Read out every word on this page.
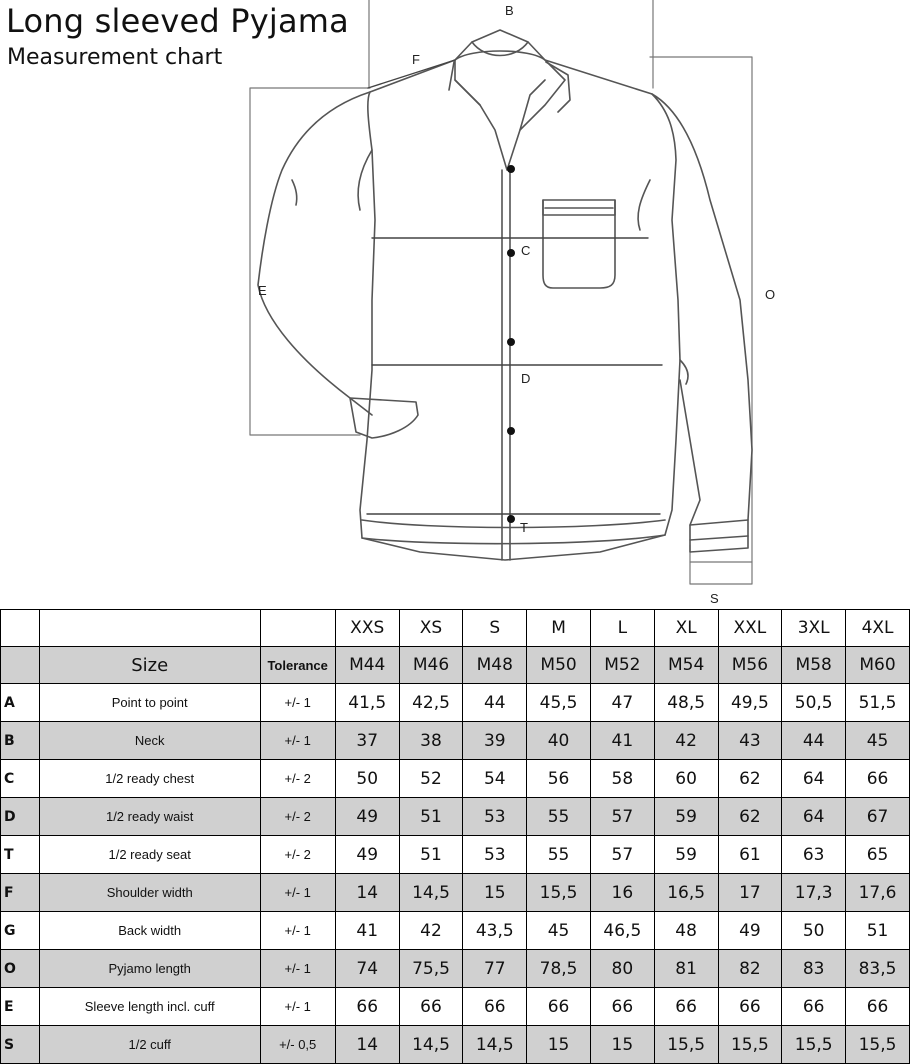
Long sleeved Pyjama
Measurement chart
B
F
C
E	O
D
T
S
			XXS	XS	S	M	L	XL	XXL	3XL	4XL
	Size	Tolerance	M44	M46	M48	M50	M52	M54	M56	M58	M60
A	Point to point	+/- 1	41,5	42,5	44	45,5	47	48,5	49,5	50,5	51,5
B	Neck	+/- 1	37	38	39	40	41	42	43	44	45
C	1/2 ready chest	+/- 2	50	52	54	56	58	60	62	64	66
D	1/2 ready waist	+/- 2	49	51	53	55	57	59	62	64	67
T	1/2 ready seat	+/- 2	49	51	53	55	57	59	61	63	65
F	Shoulder width	+/- 1	14	14,5	15	15,5	16	16,5	17	17,3	17,6
G	Back width	+/- 1	41	42	43,5	45	46,5	48	49	50	51
O	Pyjamo length	+/- 1	74	75,5	77	78,5	80	81	82	83	83,5
E	Sleeve length incl. cuff	+/- 1	66	66	66	66	66	66	66	66	66
S	1/2 cuff	+/- 0,5	14	14,5	14,5	15	15	15,5	15,5	15,5	15,5
